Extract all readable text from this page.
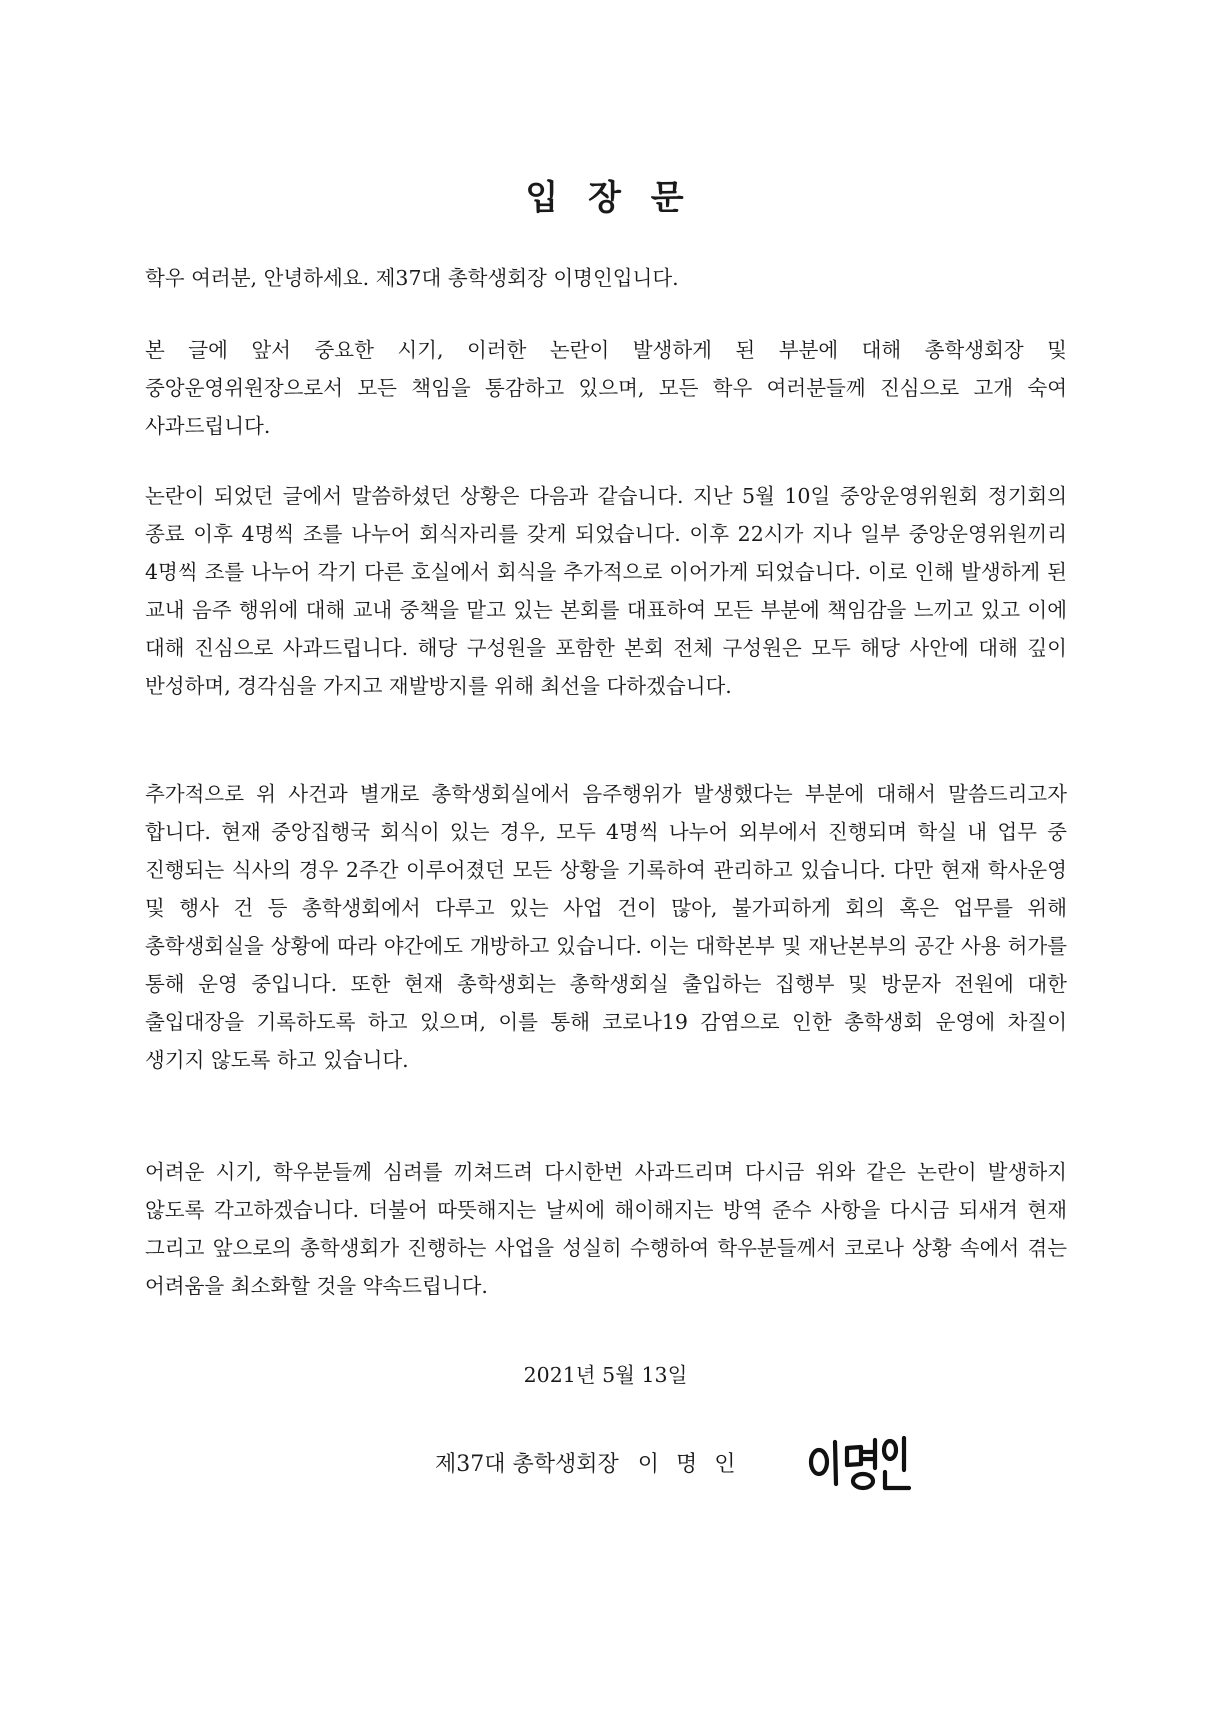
입 장 문

학우 여러분, 안녕하세요. 제37대 총학생회장 이명인입니다.

본 글에 앞서 중요한 시기, 이러한 논란이 발생하게 된 부분에 대해 총학생회장 및 중앙운영위원장으로서 모든 책임을 통감하고 있으며, 모든 학우 여러분들께 진심으로 고개 숙여 사과드립니다.

논란이 되었던 글에서 말씀하셨던 상황은 다음과 같습니다. 지난 5월 10일 중앙운영위원회 정기회의 종료 이후 4명씩 조를 나누어 회식자리를 갖게 되었습니다. 이후 22시가 지나 일부 중앙운영위원끼리 4명씩 조를 나누어 각기 다른 호실에서 회식을 추가적으로 이어가게 되었습니다. 이로 인해 발생하게 된 교내 음주 행위에 대해 교내 중책을 맡고 있는 본회를 대표하여 모든 부분에 책임감을 느끼고 있고 이에 대해 진심으로 사과드립니다. 해당 구성원을 포함한 본회 전체 구성원은 모두 해당 사안에 대해 깊이 반성하며, 경각심을 가지고 재발방지를 위해 최선을 다하겠습니다.

추가적으로 위 사건과 별개로 총학생회실에서 음주행위가 발생했다는 부분에 대해서 말씀드리고자 합니다. 현재 중앙집행국 회식이 있는 경우, 모두 4명씩 나누어 외부에서 진행되며 학실 내 업무 중 진행되는 식사의 경우 2주간 이루어졌던 모든 상황을 기록하여 관리하고 있습니다. 다만 현재 학사운영 및 행사 건 등 총학생회에서 다루고 있는 사업 건이 많아, 불가피하게 회의 혹은 업무를 위해 총학생회실을 상황에 따라 야간에도 개방하고 있습니다. 이는 대학본부 및 재난본부의 공간 사용 허가를 통해 운영 중입니다. 또한 현재 총학생회는 총학생회실 출입하는 집행부 및 방문자 전원에 대한 출입대장을 기록하도록 하고 있으며, 이를 통해 코로나19 감염으로 인한 총학생회 운영에 차질이 생기지 않도록 하고 있습니다.

어려운 시기, 학우분들께 심려를 끼쳐드려 다시한번 사과드리며 다시금 위와 같은 논란이 발생하지 않도록 각고하겠습니다. 더불어 따뜻해지는 날씨에 해이해지는 방역 준수 사항을 다시금 되새겨 현재 그리고 앞으로의 총학생회가 진행하는 사업을 성실히 수행하여 학우분들께서 코로나 상황 속에서 겪는 어려움을 최소화할 것을 약속드립니다.

2021년 5월 13일
제37대 총학생회장 이 명 인
